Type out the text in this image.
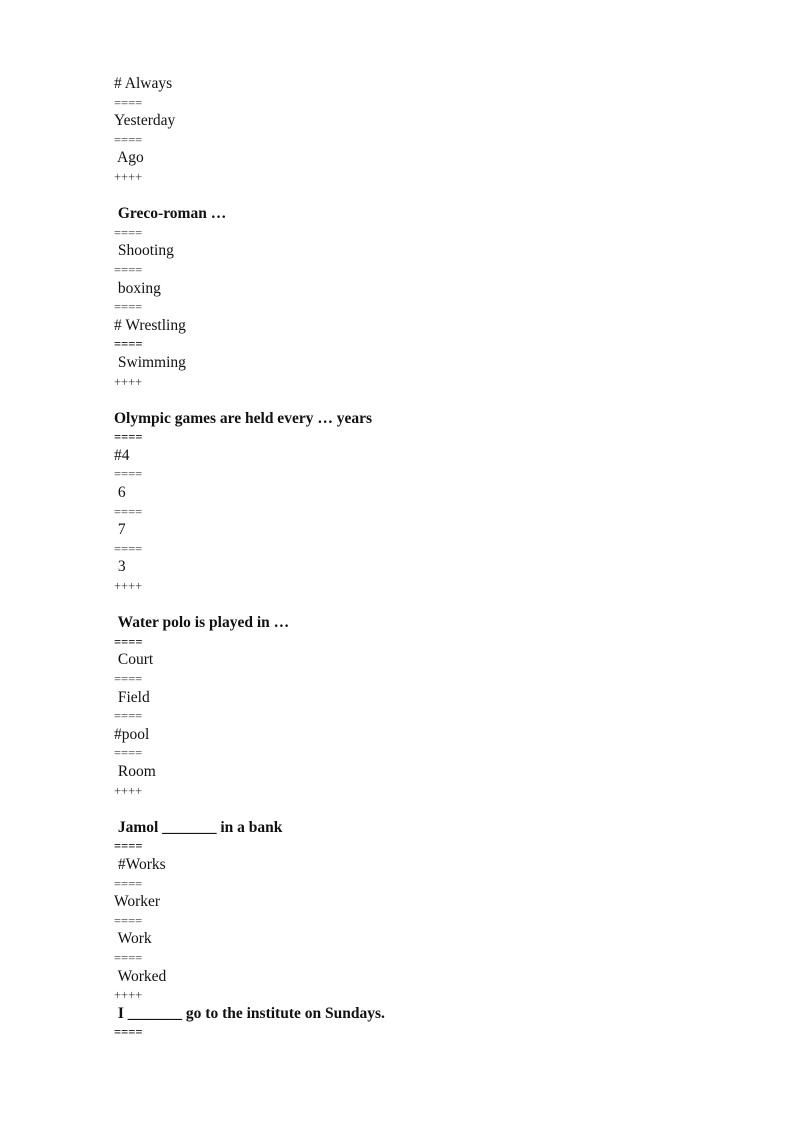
# Always
====
Yesterday
====
Ago
++++
Greco-roman …
====
Shooting
====
boxing
====
# Wrestling
====
Swimming
++++
Olympic games are held every … years
====
#4
====
6
====
7
====
3
++++
Water polo is played in …
====
Court
====
Field
====
#pool
====
Room
++++
Jamol _______ in a bank
====
#Works
====
Worker
====
Work
====
Worked
++++
I _______ go to the institute on Sundays.
====
